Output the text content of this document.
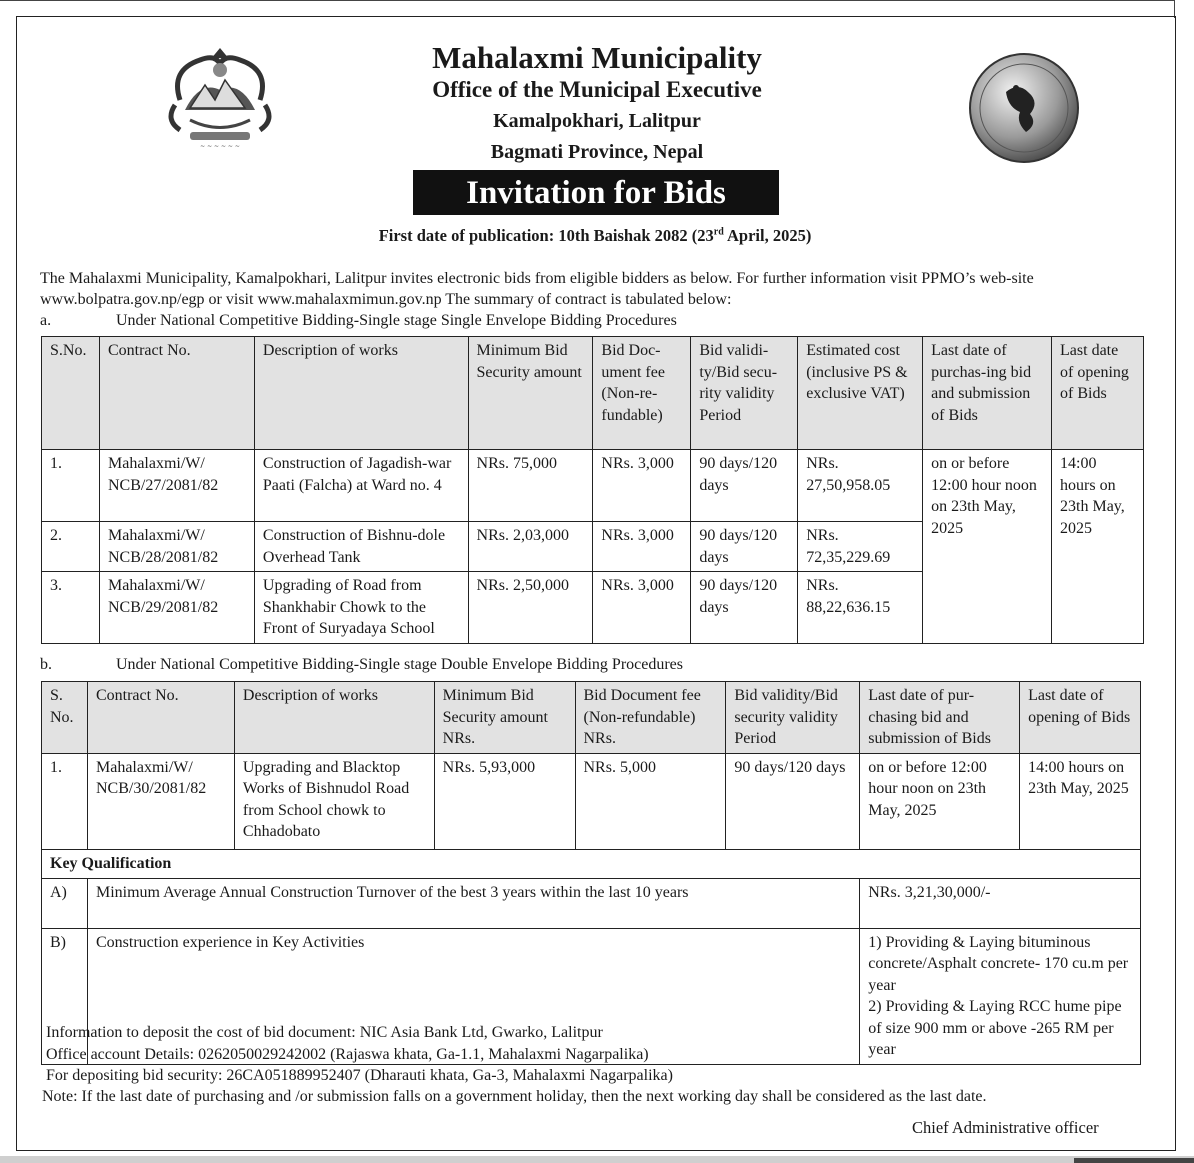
~ ~ ~ ~ ~ ~
Mahalaxmi Municipality
Office of the Municipal Executive
Kamalpokhari, Lalitpur
Bagmati Province, Nepal
Invitation for Bids
First date of publication: 10th Baishak 2082 (23rd April, 2025)
The Mahalaxmi Municipality, Kamalpokhari, Lalitpur invites electronic bids from eligible bidders as below. For further information visit PPMO’s web-site www.bolpatra.gov.np/egp or visit www.mahalaxmimun.gov.np The summary of contract is tabulated below:
a.	Under National Competitive Bidding-Single stage Single Envelope Bidding Procedures
S.No.	Contract No.	Description of works	Minimum Bid Security amount	Bid Doc-ument fee (Non-re-fundable)	Bid validi-ty/Bid secu-rity validity Period	Estimated cost (inclusive PS & exclusive VAT)	Last date of purchas-ing bid and submission of Bids	Last date of opening of Bids
1.	Mahalaxmi/W/ NCB/27/2081/82	Construction of Jagadish-war Paati (Falcha) at Ward no. 4	NRs. 75,000	NRs. 3,000	90 days/120 days	NRs. 27,50,958.05	on or before 12:00 hour noon on 23th May, 2025	14:00 hours on 23th May, 2025
2.	Mahalaxmi/W/ NCB/28/2081/82	Construction of Bishnu-dole Overhead Tank	NRs. 2,03,000	NRs. 3,000	90 days/120 days	NRs. 72,35,229.69		
3.	Mahalaxmi/W/ NCB/29/2081/82	Upgrading of Road from Shankhabir Chowk to the Front of Suryadaya School	NRs. 2,50,000	NRs. 3,000	90 days/120 days	NRs. 88,22,636.15		
b.	Under National Competitive Bidding-Single stage Double Envelope Bidding Procedures
S. No.	Contract No.	Description of works	Minimum Bid Security amount NRs.	Bid Document fee (Non-refundable) NRs.	Bid validity/Bid security validity Period	Last date of pur-chasing bid and submission of Bids	Last date of opening of Bids
1.	Mahalaxmi/W/ NCB/30/2081/82	Upgrading and Blacktop Works of Bishnudol Road from School chowk to Chhadobato	NRs. 5,93,000	NRs. 5,000	90 days/120 days	on or before 12:00 hour noon on 23th May, 2025	14:00 hours on 23th May, 2025
Key Qualification							
A)	Minimum Average Annual Construction Turnover of the best 3 years within the last 10 years					NRs. 3,21,30,000/-	
B)	Construction experience in Key Activities					1) Providing & Laying bituminous concrete/Asphalt concrete- 170 cu.m per year
2) Providing & Laying RCC hume pipe of size 900 mm or above -265 RM per year	
Information to deposit the cost of bid document: NIC Asia Bank Ltd, Gwarko, Lalitpur
Office account Details: 0262050029242002 (Rajaswa khata, Ga-1.1, Mahalaxmi Nagarpalika)
For depositing bid security: 26CA051889952407 (Dharauti khata, Ga-3, Mahalaxmi Nagarpalika)
Note: If the last date of purchasing and /or submission falls on a government holiday, then the next working day shall be considered as the last date.
Chief Administrative officer
